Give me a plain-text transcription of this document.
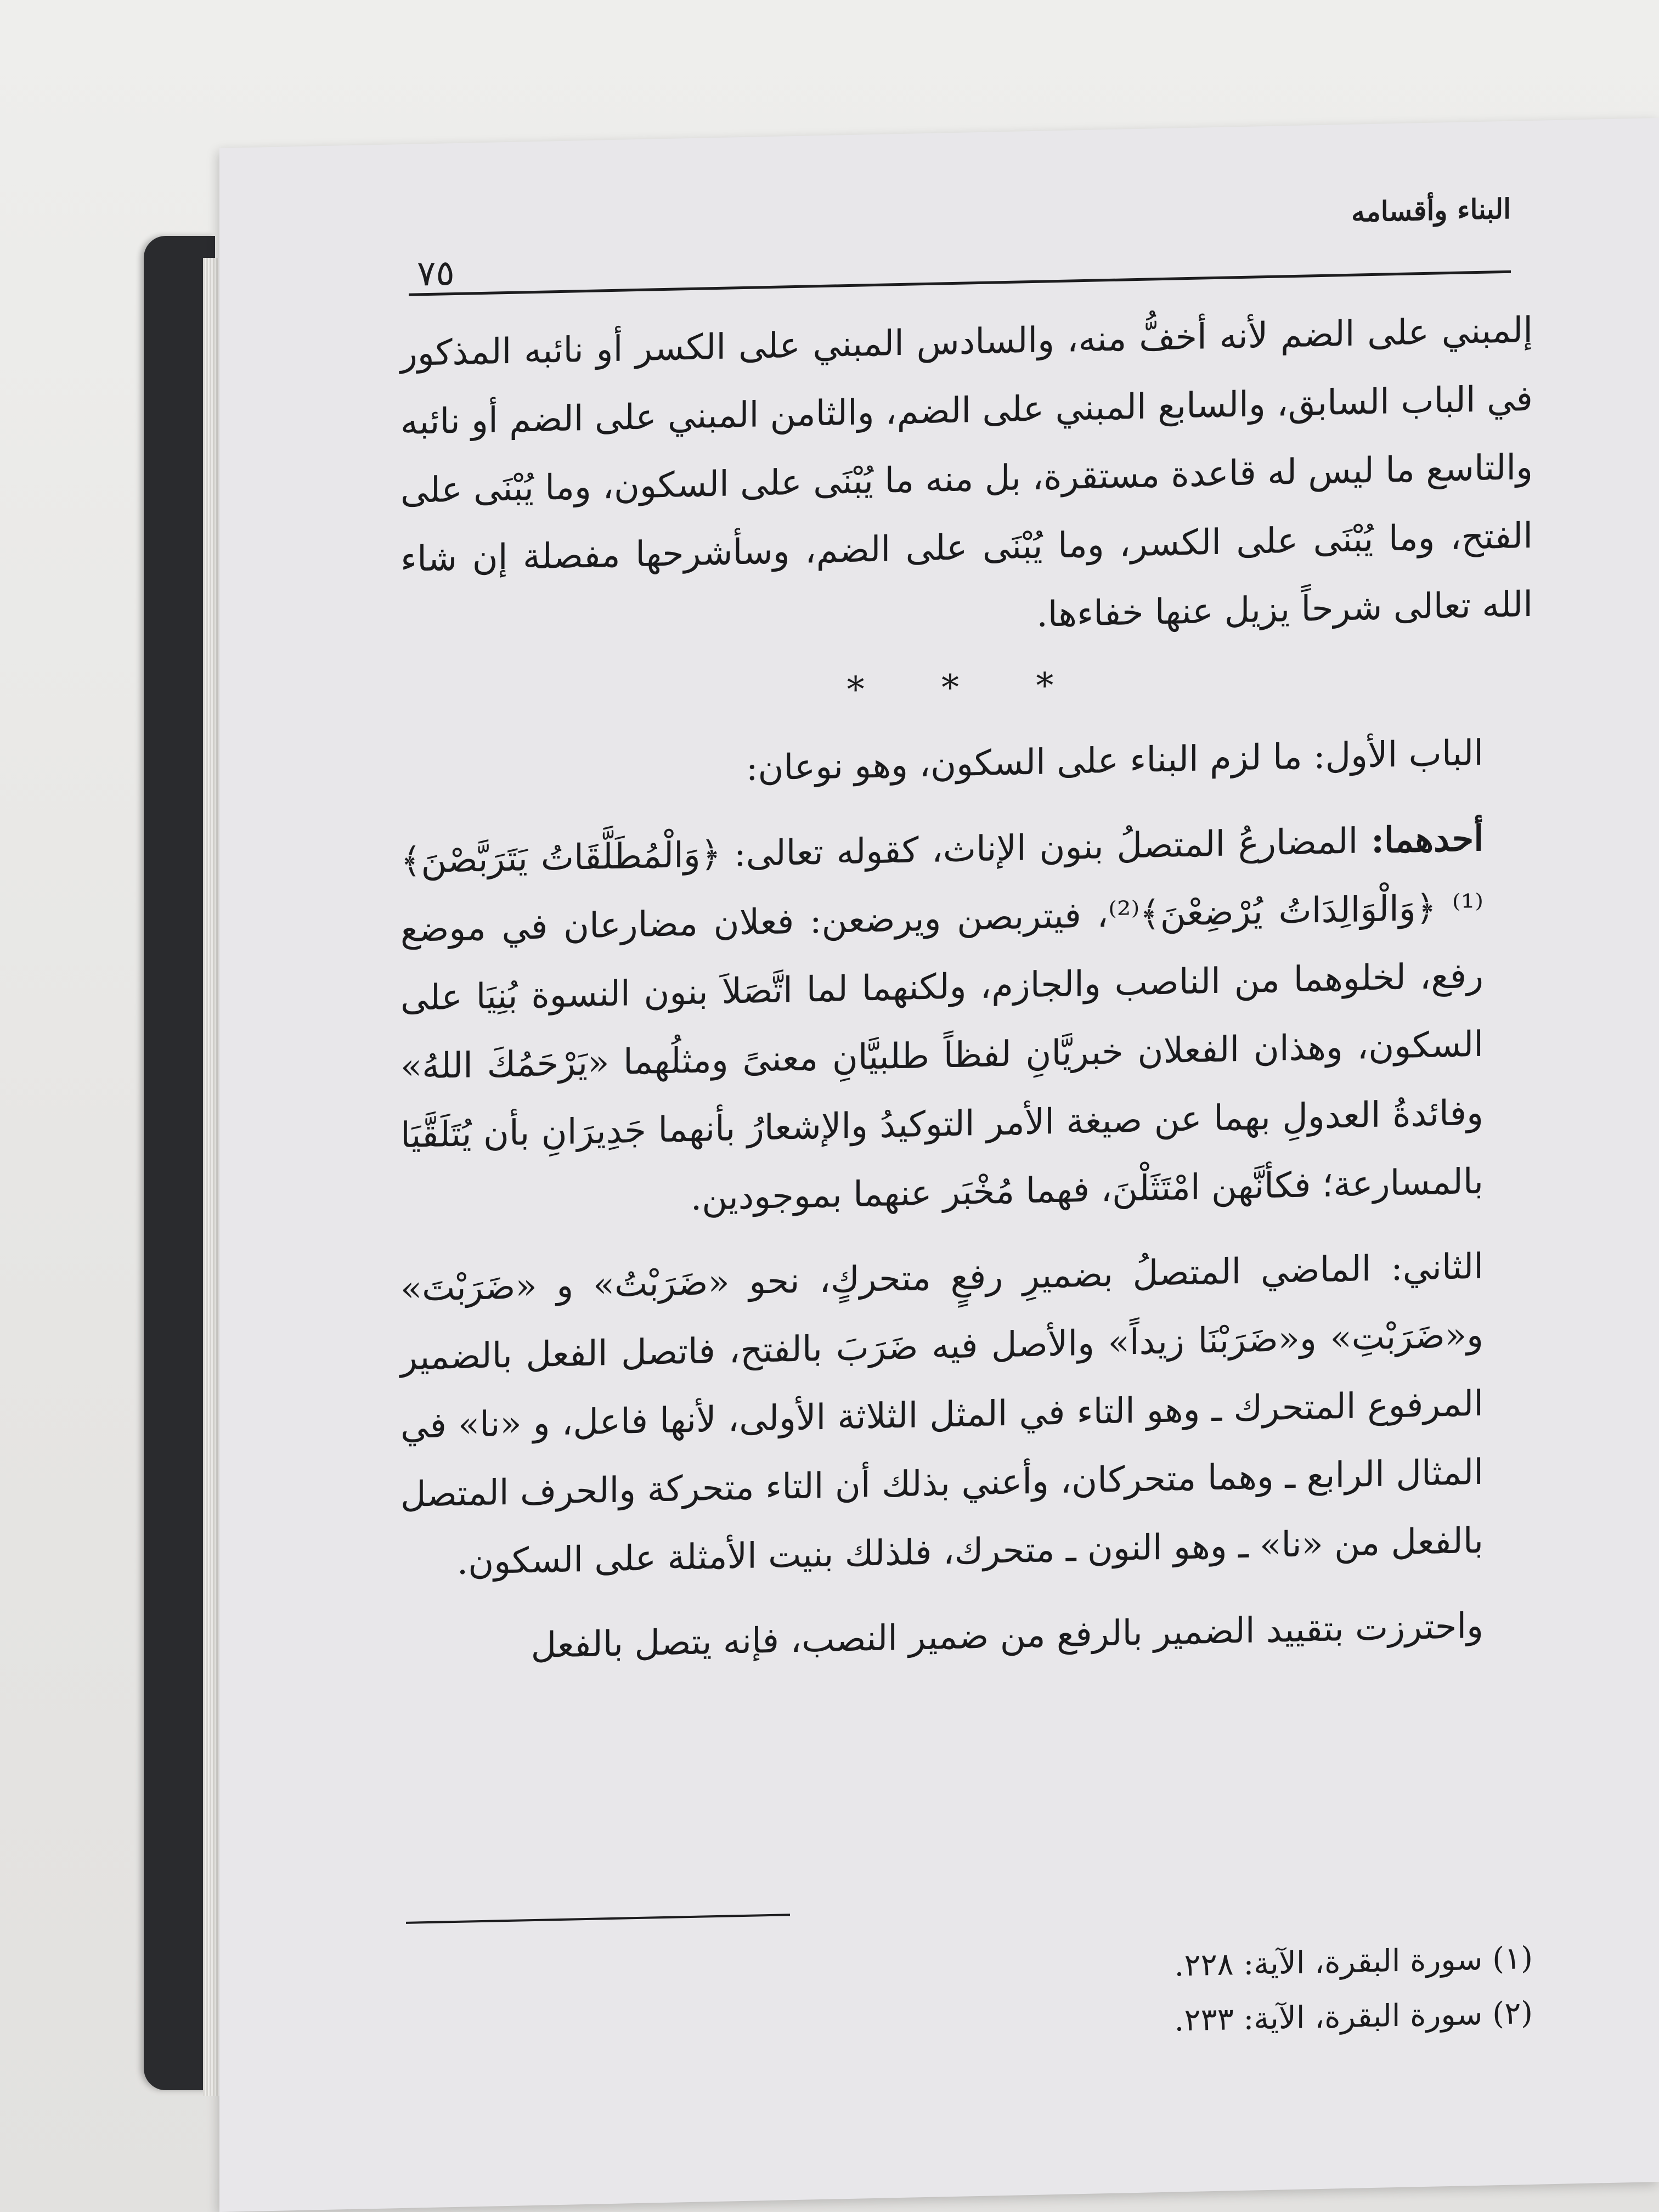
البناء وأقسامه
٧٥

إلمبني على الضم لأنه أخفُّ منه، والسادس المبني على الكسر أو نائبه المذكور في الباب السابق، والسابع المبني على الضم، والثامن المبني على الضم أو نائبه والتاسع ما ليس له قاعدة مستقرة، بل منه ما يُبْنَى على السكون، وما يُبْنَى على الفتح، وما يُبْنَى على الكسر، وما يُبْنَى على الضم، وسأشرحها مفصلة إن شاء الله تعالى شرحاً يزيل عنها خفاءها.

* * *

الباب الأول: ما لزم البناء على السكون، وهو نوعان:

أحدهما: المضارعُ المتصلُ بنون الإناث، كقوله تعالى: ﴿وَالْمُطَلَّقَاتُ يَتَرَبَّصْنَ﴾⁽¹⁾ ﴿وَالْوَالِدَاتُ يُرْضِعْنَ﴾⁽²⁾، فيتربصن ويرضعن: فعلان مضارعان في موضع رفع، لخلوهما من الناصب والجازم، ولكنهما لما اتَّصَلاَ بنون النسوة بُنِيَا على السكون، وهذان الفعلان خبريَّانِ لفظاً طلبيَّانِ معنىً ومثلُهما «يَرْحَمُكَ اللهُ» وفائدةُ العدولِ بهما عن صيغة الأمر التوكيدُ والإشعارُ بأنهما جَدِيرَانِ بأن يُتَلَقَّيَا بالمسارعة؛ فكأنَّهن امْتَثَلْنَ، فهما مُخْبَر عنهما بموجودين.

الثاني: الماضي المتصلُ بضميرِ رفعٍ متحركٍ، نحو «ضَرَبْتُ» و «ضَرَبْتَ» و«ضَرَبْتِ» و«ضَرَبْنَا زيداً» والأصل فيه ضَرَبَ بالفتح، فاتصل الفعل بالضمير المرفوع المتحرك ـ وهو التاء في المثل الثلاثة الأولى، لأنها فاعل، و «نا» في المثال الرابع ـ وهما متحركان، وأعني بذلك أن التاء متحركة والحرف المتصل بالفعل من «نا» ـ وهو النون ـ متحرك، فلذلك بنيت الأمثلة على السكون.

واحترزت بتقييد الضمير بالرفع من ضمير النصب، فإنه يتصل بالفعل

(١) سورة البقرة، الآية: ٢٢٨.
(٢) سورة البقرة، الآية: ٢٣٣.
